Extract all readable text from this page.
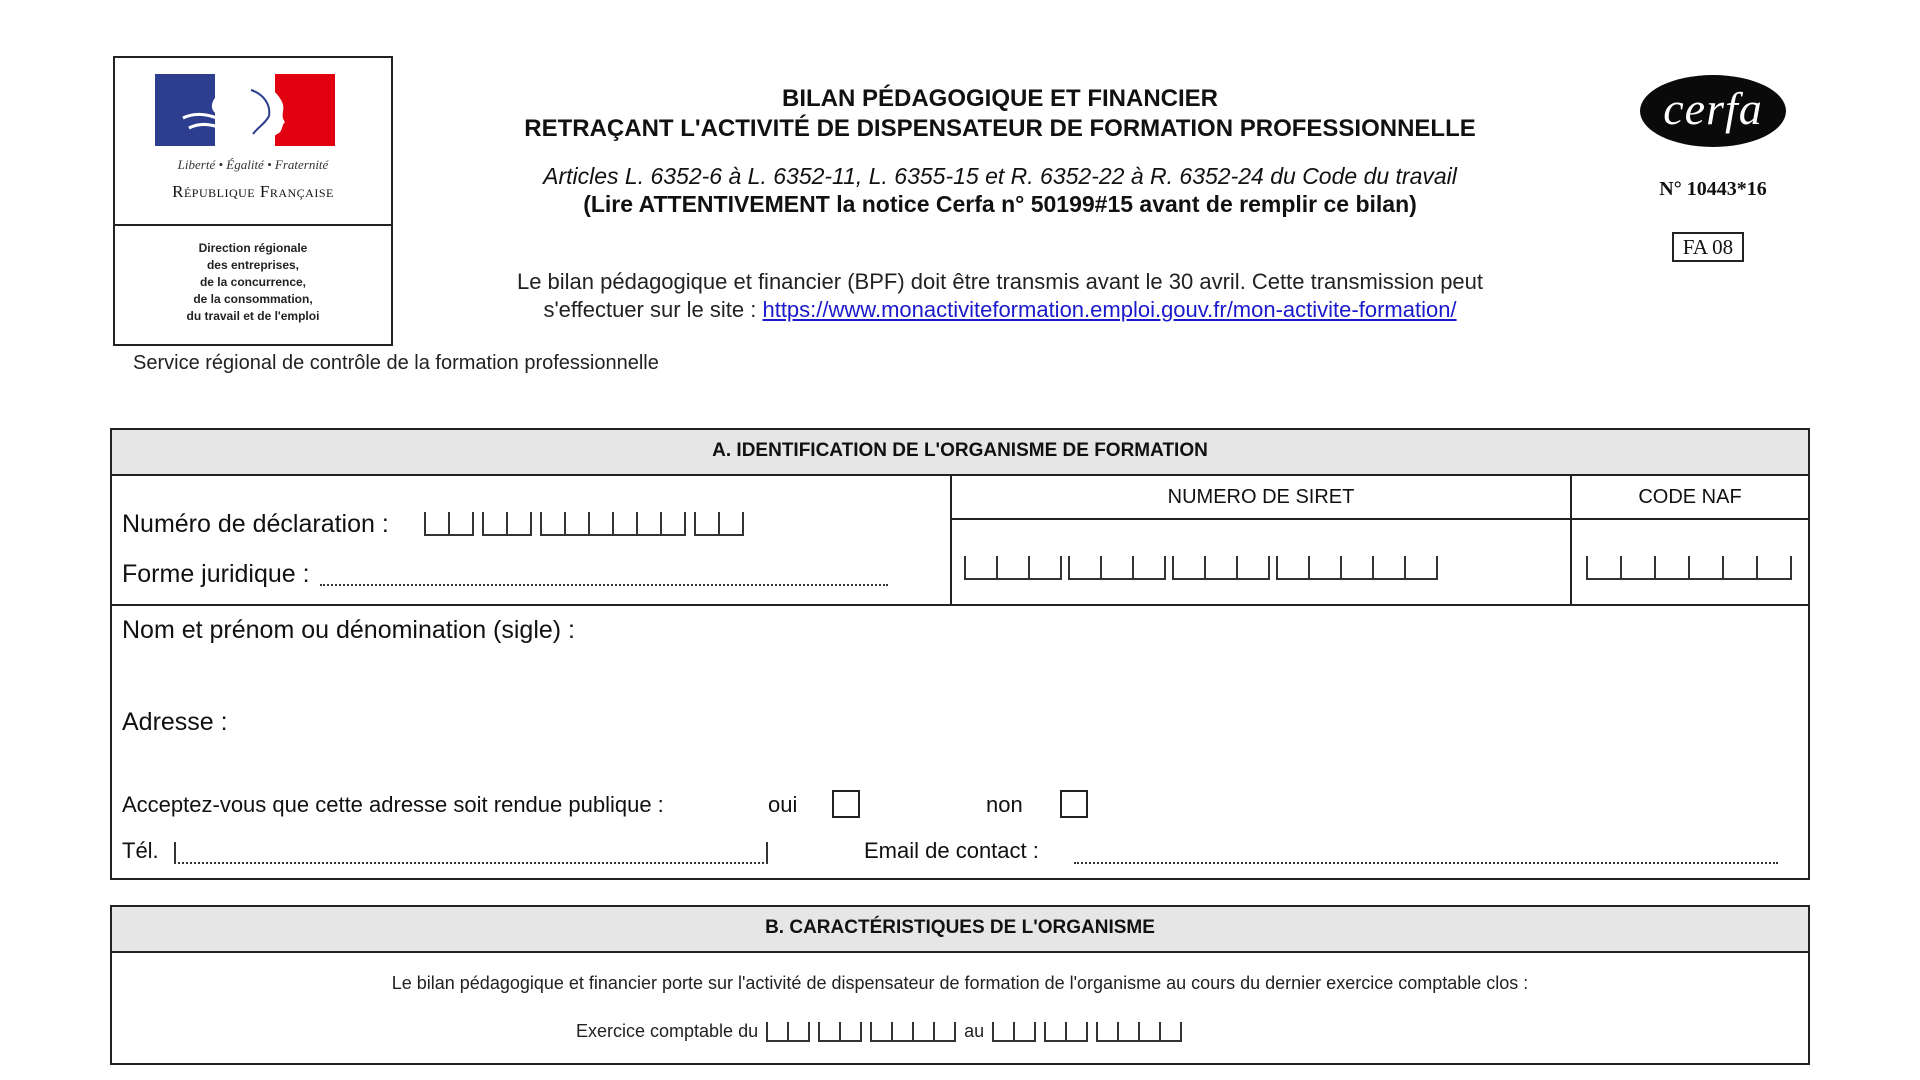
Liberté • Égalité • Fraternité
République Française
Direction régionale
des entreprises,
de la concurrence,
de la consommation,
du travail et de l'emploi
Service régional de contrôle de la formation professionnelle
BILAN PÉDAGOGIQUE ET FINANCIER
RETRAÇANT L'ACTIVITÉ DE DISPENSATEUR DE FORMATION PROFESSIONNELLE
Articles L. 6352-6 à L. 6352-11, L. 6355-15 et R. 6352-22 à R. 6352-24 du Code du travail
(Lire ATTENTIVEMENT la notice Cerfa n° 50199#15 avant de remplir ce bilan)
Le bilan pédagogique et financier (BPF) doit être transmis avant le 30 avril. Cette transmission peut
s'effectuer sur le site : https://www.monactiviteformation.emploi.gouv.fr/mon-activite-formation/
cerfa
N° 10443*16
FA 08
A. IDENTIFICATION DE L'ORGANISME DE FORMATION
Numéro de déclaration :
Forme juridique :
NUMERO DE SIRET	CODE NAF
Nom et prénom ou dénomination (sigle) :
Adresse :
Acceptez-vous que cette adresse soit rendue publique :	oui	non
Tél.	Email de contact :
B. CARACTÉRISTIQUES DE L'ORGANISME
Le bilan pédagogique et financier porte sur l'activité de dispensateur de formation de l'organisme au cours du dernier exercice comptable clos :
Exercice comptable du	au
